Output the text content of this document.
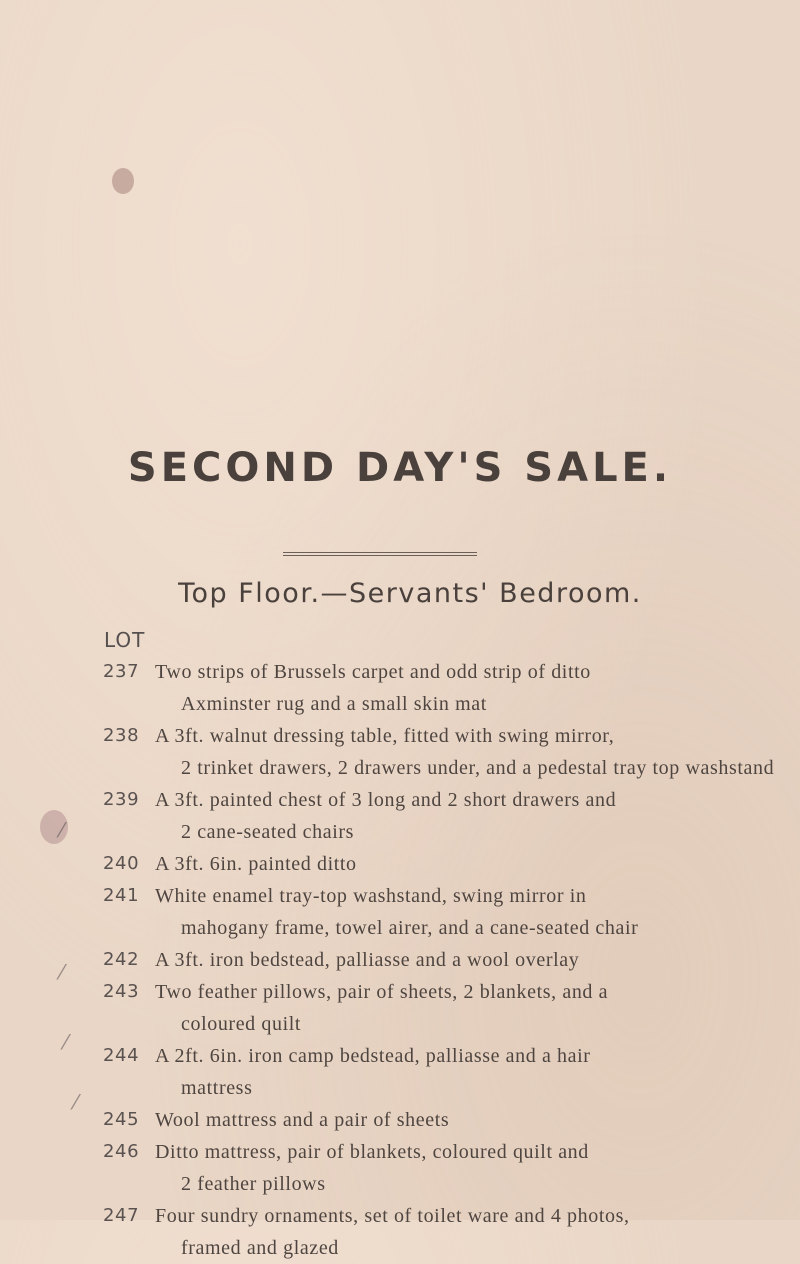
⁄
⁄
⁄
⁄
SECOND DAY'S SALE.
Top Floor.—Servants' Bedroom.
LOT
237 Two strips of Brussels carpet and odd strip of ditto
Axminster rug and a small skin mat
238 A 3ft. walnut dressing table, fitted with swing mirror,
2 trinket drawers, 2 drawers under, and a pedestal tray top washstand
239 A 3ft. painted chest of 3 long and 2 short drawers and
2 cane-seated chairs
240 A 3ft. 6in. painted ditto
241 White enamel tray-top washstand, swing mirror in
mahogany frame, towel airer, and a cane-seated chair
242 A 3ft. iron bedstead, palliasse and a wool overlay
243 Two feather pillows, pair of sheets, 2 blankets, and a
coloured quilt
244 A 2ft. 6in. iron camp bedstead, palliasse and a hair
mattress
245 Wool mattress and a pair of sheets
246 Ditto mattress, pair of blankets, coloured quilt and
2 feather pillows
247 Four sundry ornaments, set of toilet ware and 4 photos,
framed and glazed
